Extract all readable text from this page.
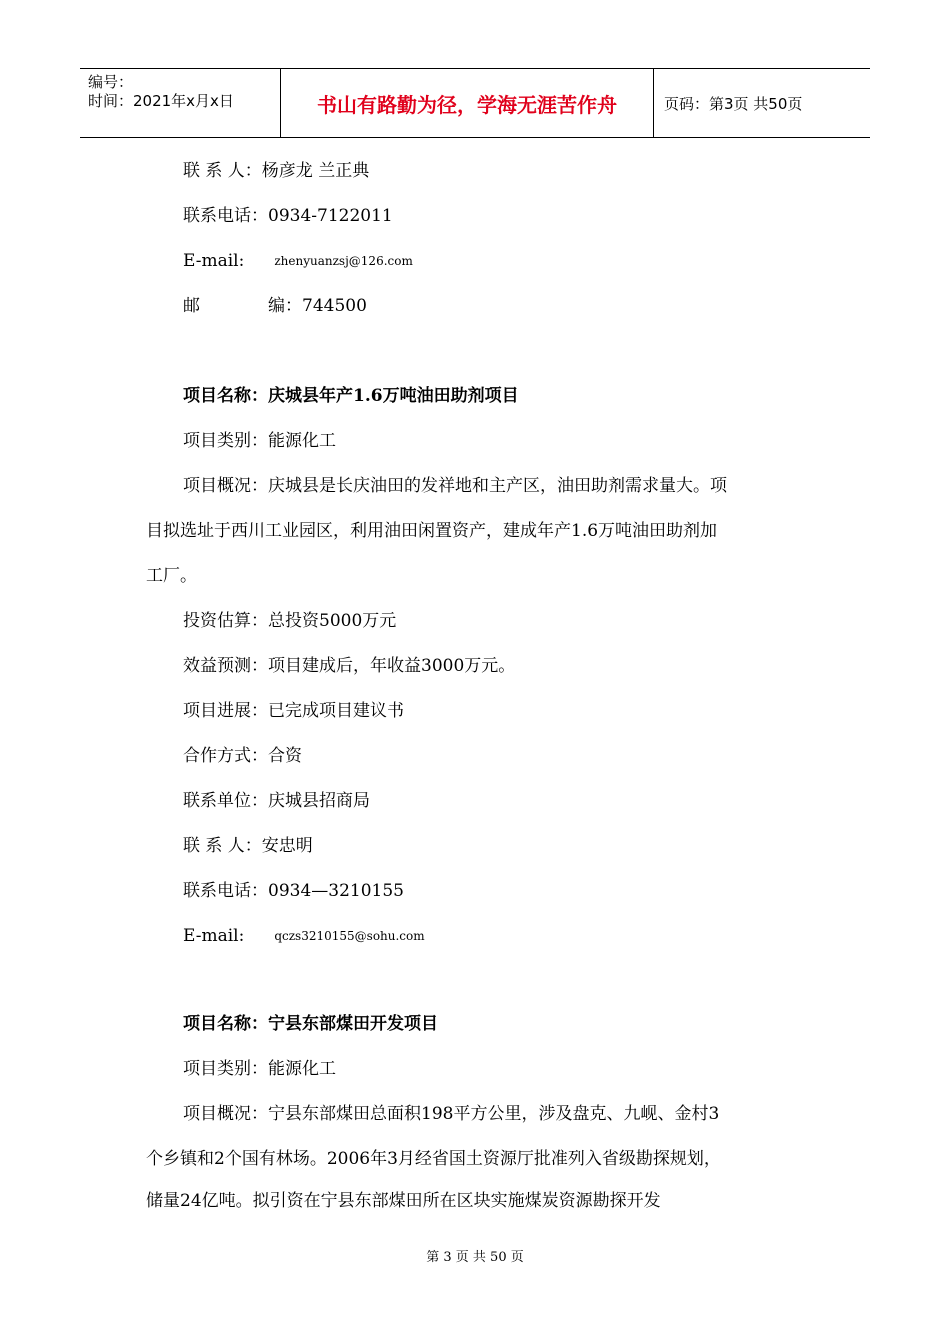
编号：
时间：2021年x月x日	书山有路勤为径，学海无涯苦作舟	页码：第3页 共50页
联 系 人：杨彦龙 兰正典
联系电话：0934-7122011
E-mail:	zhenyuanzsj@126.com
邮	编：744500
项目名称：庆城县年产1.6万吨油田助剂项目
项目类别：能源化工
项目概况：庆城县是长庆油田的发祥地和主产区，油田助剂需求量大。项
目拟选址于西川工业园区，利用油田闲置资产，建成年产1.6万吨油田助剂加
工厂。
投资估算：总投资5000万元
效益预测：项目建成后，年收益3000万元。
项目进展：已完成项目建议书
合作方式：合资
联系单位：庆城县招商局
联 系 人：安忠明
联系电话：0934—3210155
E-mail:	qczs3210155@sohu.com
项目名称：宁县东部煤田开发项目
项目类别：能源化工
项目概况：宁县东部煤田总面积198平方公里，涉及盘克、九岘、金村3
个乡镇和2个国有林场。2006年3月经省国土资源厅批准列入省级勘探规划，
储量24亿吨。拟引资在宁县东部煤田所在区块实施煤炭资源勘探开发
第 3 页 共 50 页
